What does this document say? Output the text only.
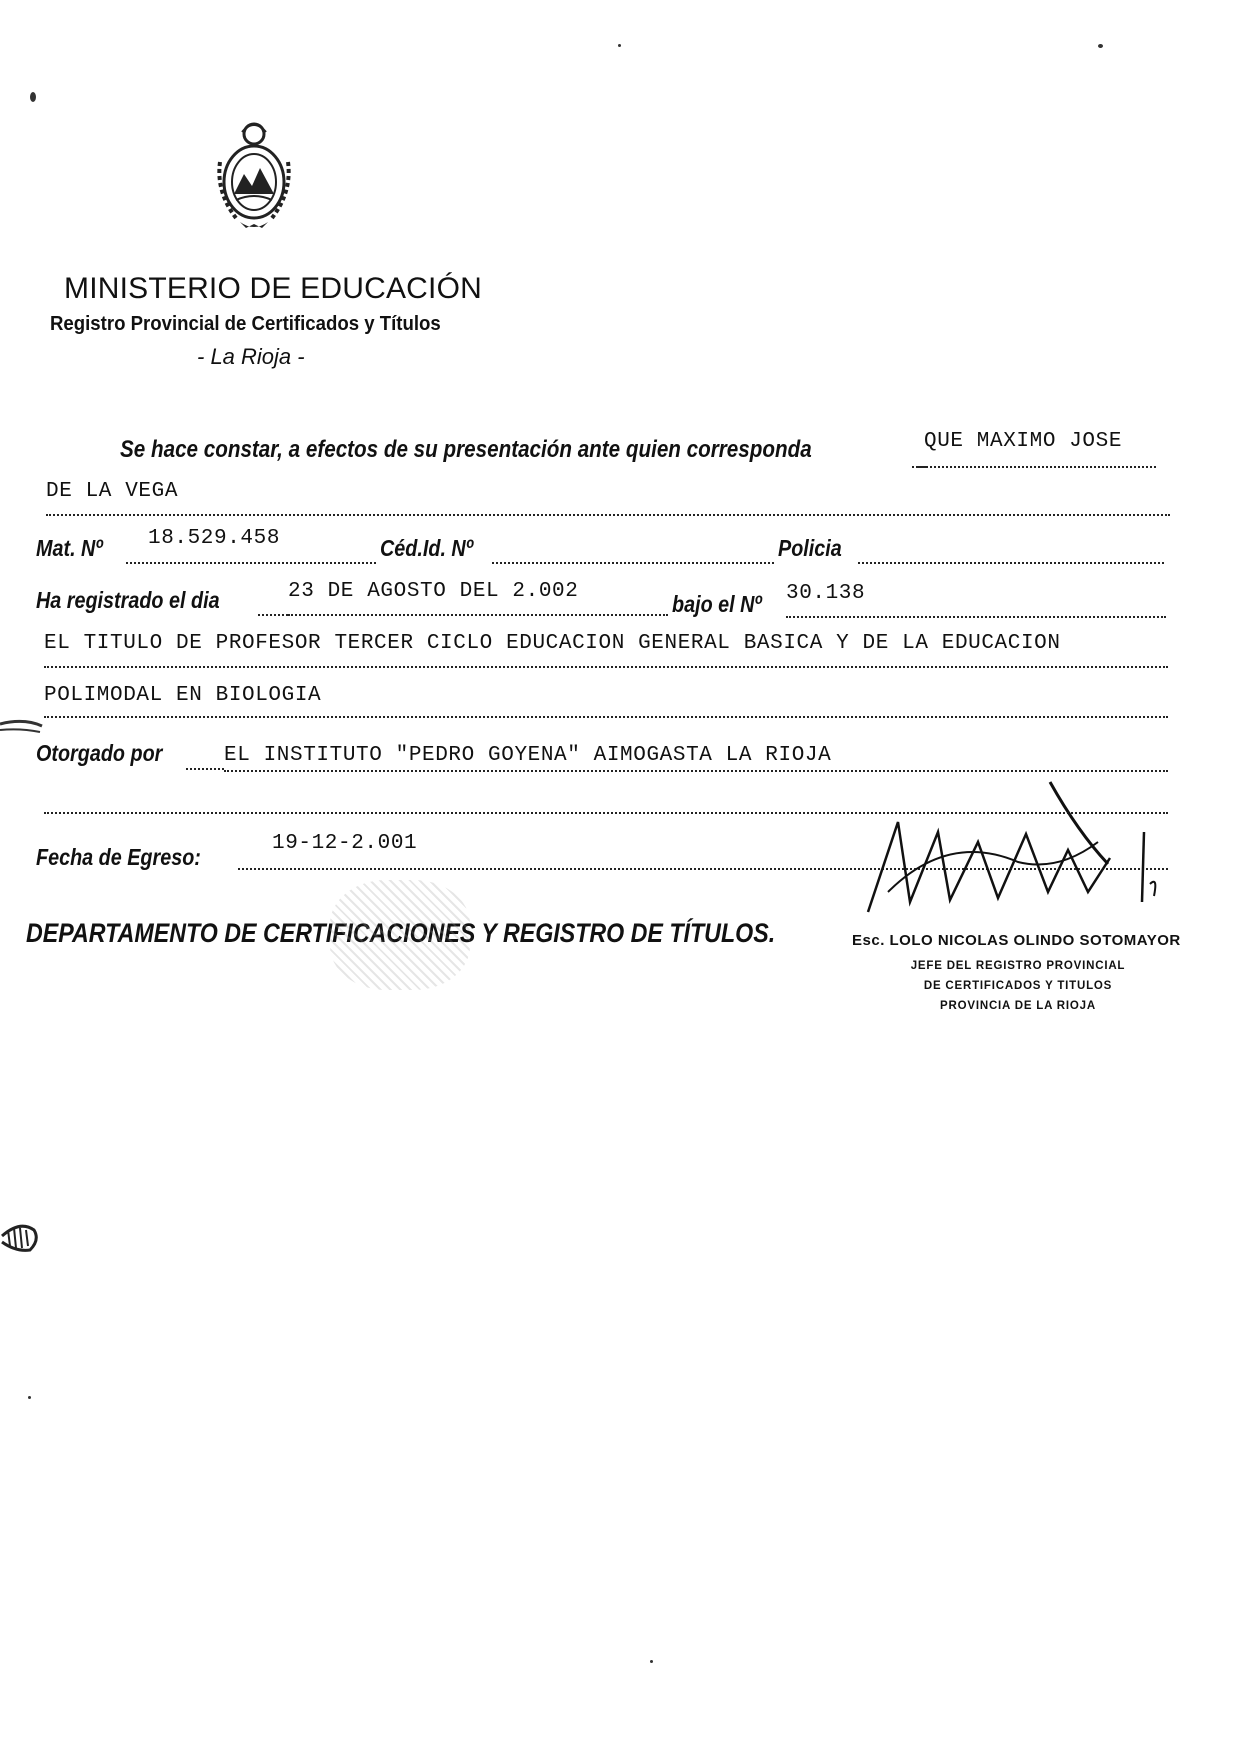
MINISTERIO DE EDUCACIÓN
Registro Provincial de Certificados y Títulos
- La Rioja -
Se hace constar, a efectos de su presentación ante quien corresponda	QUE MAXIMO JOSE
DE LA VEGA
Mat. Nº 18.529.458	Céd.Id. Nº	Policia
Ha registrado el dia	23 DE AGOSTO DEL 2.002	bajo el Nº 30.138
EL TITULO DE PROFESOR TERCER CICLO EDUCACION GENERAL BASICA Y DE LA EDUCACION
POLIMODAL EN BIOLOGIA
Otorgado por	EL INSTITUTO "PEDRO GOYENA" AIMOGASTA LA RIOJA
Fecha de Egreso:
19-12-2.001
DEPARTAMENTO DE CERTIFICACIONES Y REGISTRO DE TÍTULOS.	Esc. LOLO NICOLAS OLINDO SOTOMAYOR
JEFE DEL REGISTRO PROVINCIAL
DE CERTIFICADOS Y TITULOS
PROVINCIA DE LA RIOJA
